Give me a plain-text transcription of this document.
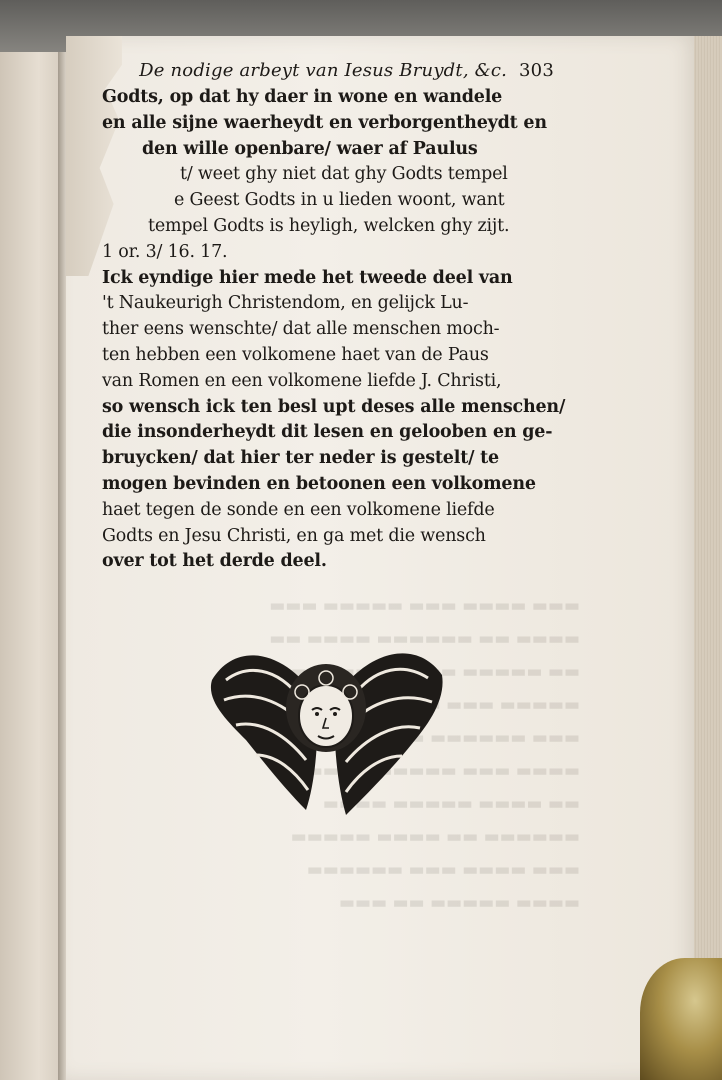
De nodige arbeyt van Iesus Bruydt, &c. 303
Godts, op dat hy daer in wone en wandele
en alle sijne waerheydt en verborgentheydt en
den wille openbare/ waer af Paulus
t/ weet ghy niet dat ghy Godts tempel
e Geest Godts in u lieden woont, want
tempel Godts is heyligh, welcken ghy zijt.
1 or. 3/ 16. 17.
Ick eyndige hier mede het tweede deel van
't Naukeurigh Christendom, en gelijck Lu-
ther eens wenschte/ dat alle menschen moch-
ten hebben een volkomene haet van de Paus
van Romen en een volkomene liefde J. Christi,
so wensch ick ten besl upt deses alle menschen/
die insonderheydt dit lesen en gelooben en ge-
bruycken/ dat hier ter neder is gestelt/ te
mogen bevinden en betoonen een volkomene
haet tegen de sonde en een volkomene liefde
Godts en Jesu Christi, en ga met die wensch
over tot het derde deel.
